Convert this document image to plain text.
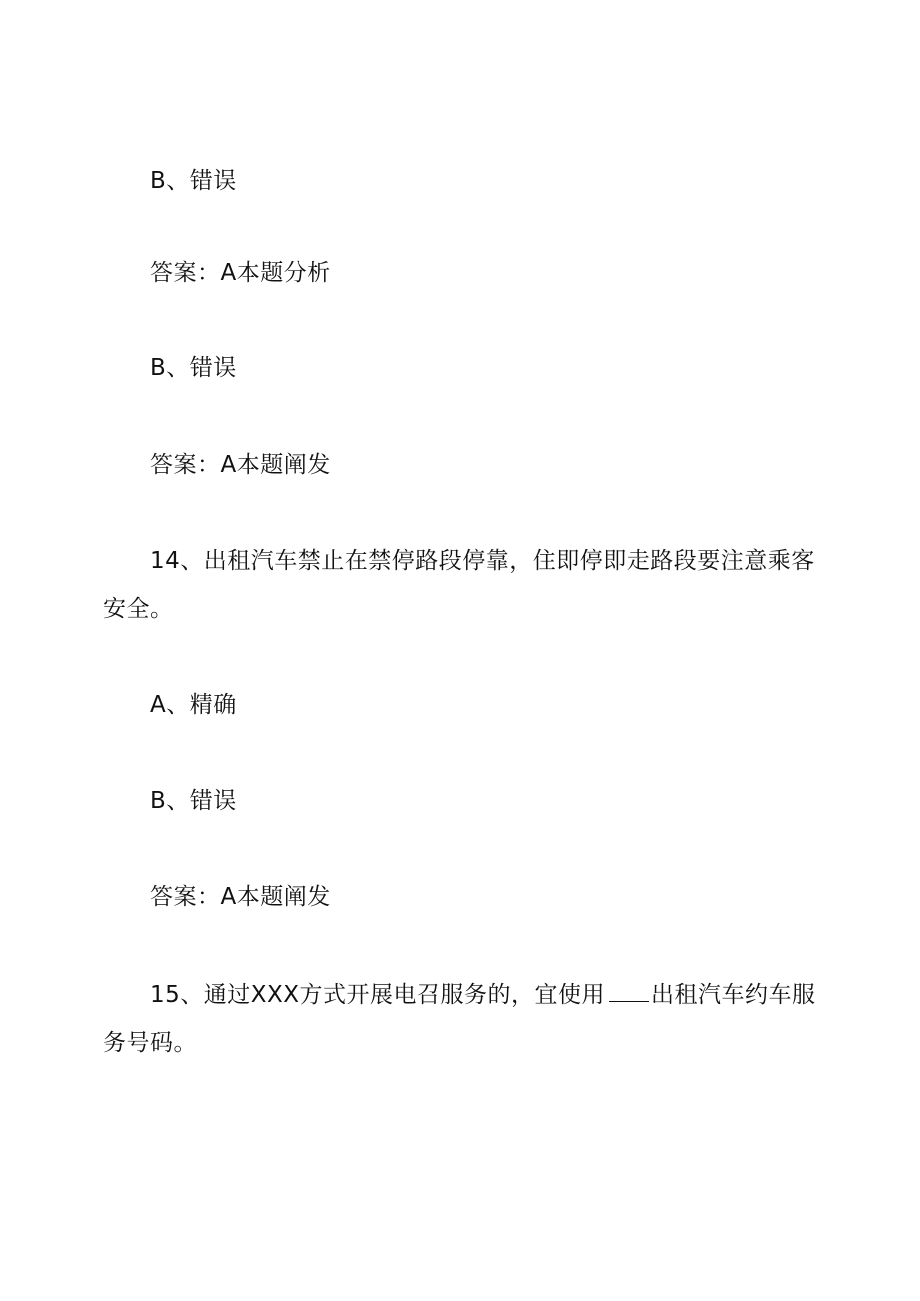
B、错误
答案：A本题分析
B、错误
答案：A本题阐发
14、出租汽车禁止在禁停路段停靠，住即停即走路段要注意乘客
安全。
A、精确
B、错误
答案：A本题阐发
15、通过XXX方式开展电召服务的，宜使用 出租汽车约车服
务号码。
